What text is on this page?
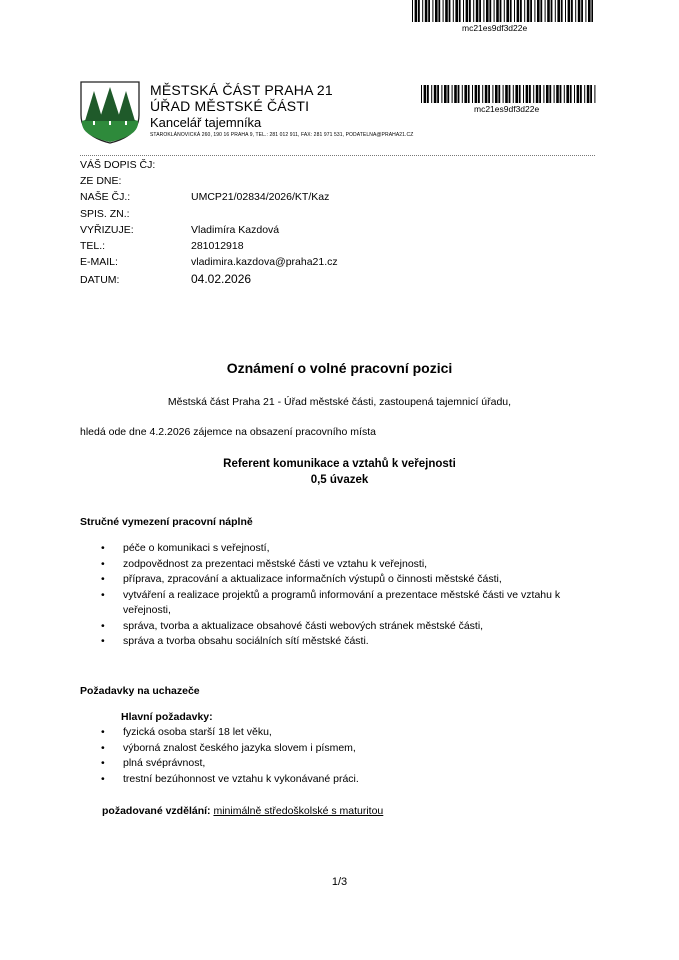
mc21es9df3d22e
MĚSTSKÁ ČÁST PRAHA 21
ÚŘAD MĚSTSKÉ ČÁSTI
Kancelář tajemníka
STAROKLÁNOVICKÁ 260, 190 16 PRAHA 9, TEL.: 281 012 911, FAX: 281 971 531, PODATELNA@PRAHA21.CZ
mc21es9df3d22e
VÁŠ DOPIS ČJ:
ZE DNE:
NAŠE ČJ.:	UMCP21/02834/2026/KT/Kaz
SPIS. ZN.:
VYŘIZUJE:	Vladimíra Kazdová
TEL.:	281012918
E-MAIL:	vladimira.kazdova@praha21.cz
DATUM:	04.02.2026
Oznámení o volné pracovní pozici
Městská část Praha 21 - Úřad městské části, zastoupená tajemnicí úřadu,
hledá ode dne 4.2.2026 zájemce na obsazení pracovního místa
Referent komunikace a vztahů k veřejnosti
0,5 úvazek
Stručné vymezení pracovní náplně
• péče o komunikaci s veřejností,
• zodpovědnost za prezentaci městské části ve vztahu k veřejnosti,
• příprava, zpracování a aktualizace informačních výstupů o činnosti městské části,
• vytváření a realizace projektů a programů informování a prezentace městské části ve vztahu k veřejnosti,
• správa, tvorba a aktualizace obsahové části webových stránek městské části,
• správa a tvorba obsahu sociálních sítí městské části.
Požadavky na uchazeče
Hlavní požadavky:
• fyzická osoba starší 18 let věku,
• výborná znalost českého jazyka slovem i písmem,
• plná svéprávnost,
• trestní bezúhonnost ve vztahu k vykonávané práci.
požadované vzdělání: minimálně středoškolské s maturitou
1/3
